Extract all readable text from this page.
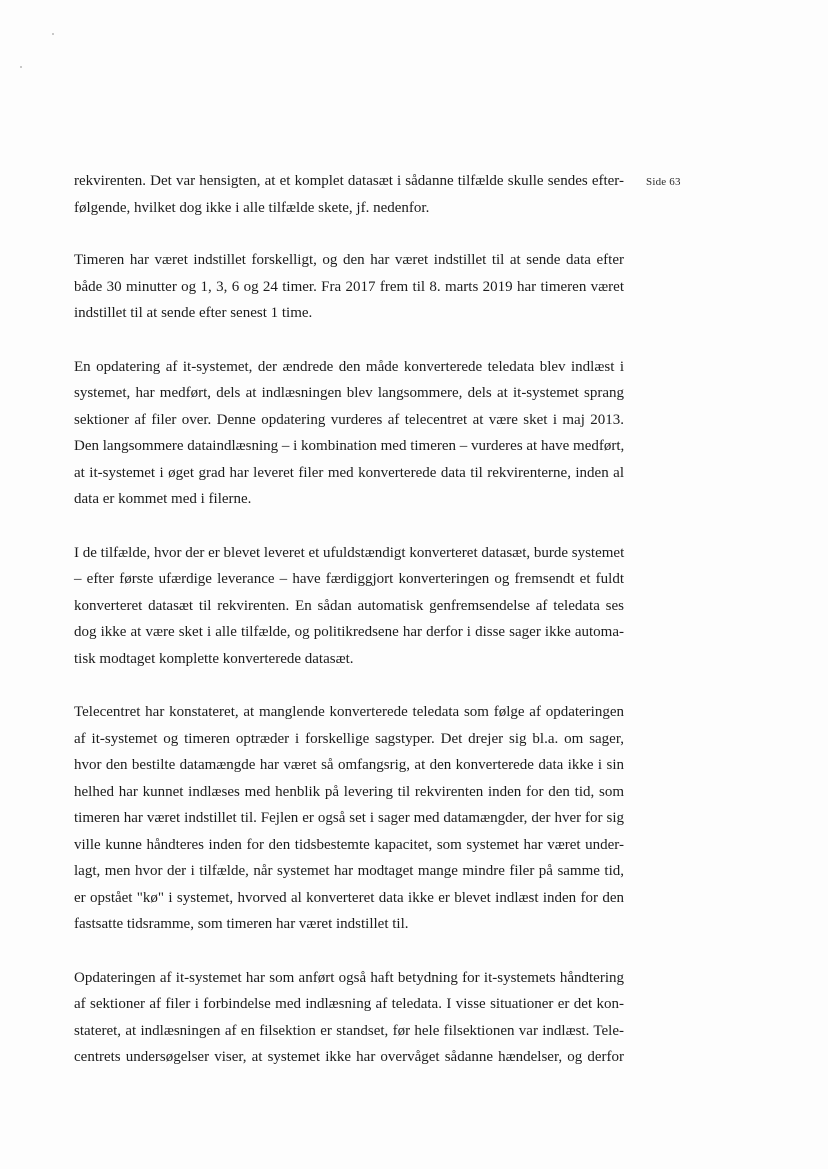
Side 63
rekvirenten. Det var hensigten, at et komplet datasæt i sådanne tilfælde skulle sendes efter-
følgende, hvilket dog ikke i alle tilfælde skete, jf. nedenfor.
Timeren har været indstillet forskelligt, og den har været indstillet til at sende data efter
både 30 minutter og 1, 3, 6 og 24 timer. Fra 2017 frem til 8. marts 2019 har timeren været
indstillet til at sende efter senest 1 time.
En opdatering af it-systemet, der ændrede den måde konverterede teledata blev indlæst i
systemet, har medført, dels at indlæsningen blev langsommere, dels at it-systemet sprang
sektioner af filer over. Denne opdatering vurderes af telecentret at være sket i maj 2013.
Den langsommere dataindlæsning – i kombination med timeren – vurderes at have medført,
at it-systemet i øget grad har leveret filer med konverterede data til rekvirenterne, inden al
data er kommet med i filerne.
I de tilfælde, hvor der er blevet leveret et ufuldstændigt konverteret datasæt, burde systemet
– efter første ufærdige leverance – have færdiggjort konverteringen og fremsendt et fuldt
konverteret datasæt til rekvirenten. En sådan automatisk genfremsendelse af teledata ses
dog ikke at være sket i alle tilfælde, og politikredsene har derfor i disse sager ikke automa-
tisk modtaget komplette konverterede datasæt.
Telecentret har konstateret, at manglende konverterede teledata som følge af opdateringen
af it-systemet og timeren optræder i forskellige sagstyper. Det drejer sig bl.a. om sager,
hvor den bestilte datamængde har været så omfangsrig, at den konverterede data ikke i sin
helhed har kunnet indlæses med henblik på levering til rekvirenten inden for den tid, som
timeren har været indstillet til. Fejlen er også set i sager med datamængder, der hver for sig
ville kunne håndteres inden for den tidsbestemte kapacitet, som systemet har været under-
lagt, men hvor der i tilfælde, når systemet har modtaget mange mindre filer på samme tid,
er opstået "kø" i systemet, hvorved al konverteret data ikke er blevet indlæst inden for den
fastsatte tidsramme, som timeren har været indstillet til.
Opdateringen af it-systemet har som anført også haft betydning for it-systemets håndtering
af sektioner af filer i forbindelse med indlæsning af teledata. I visse situationer er det kon-
stateret, at indlæsningen af en filsektion er standset, før hele filsektionen var indlæst. Tele-
centrets undersøgelser viser, at systemet ikke har overvåget sådanne hændelser, og derfor
